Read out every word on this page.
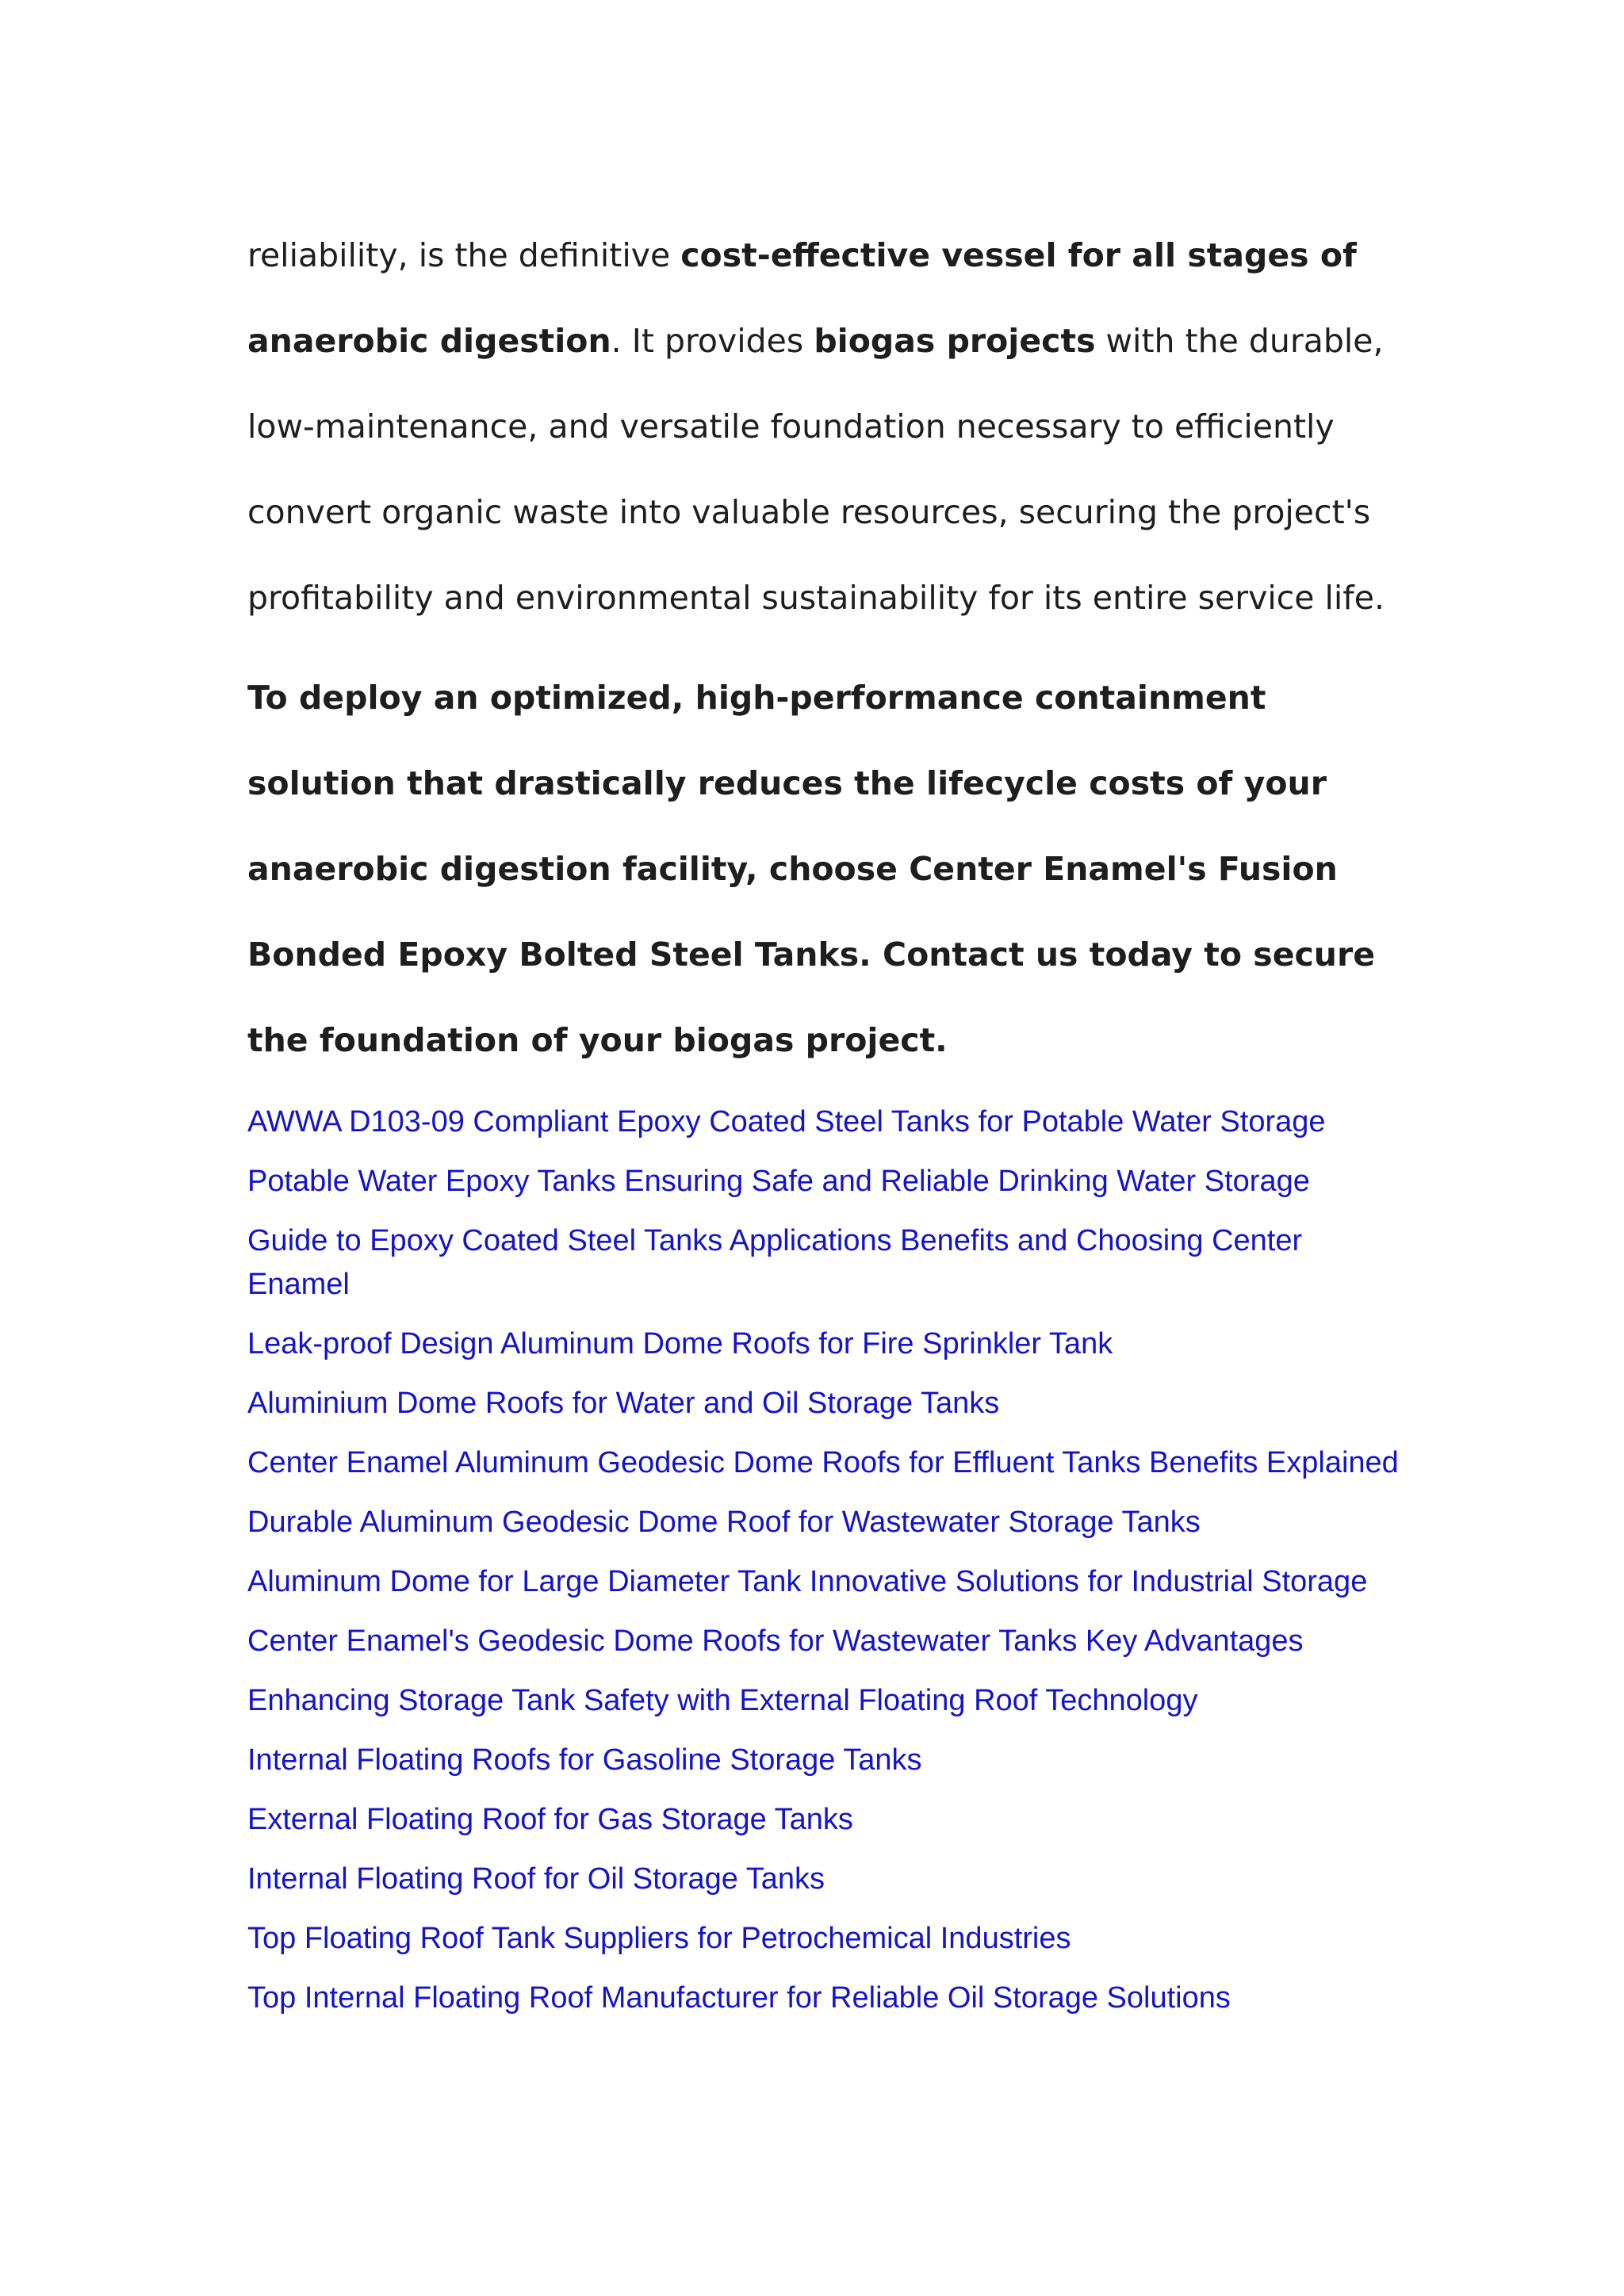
reliability, is the definitive cost-effective vessel for all stages of anaerobic digestion. It provides biogas projects with the durable, low-maintenance, and versatile foundation necessary to efficiently convert organic waste into valuable resources, securing the project's profitability and environmental sustainability for its entire service life.

To deploy an optimized, high-performance containment solution that drastically reduces the lifecycle costs of your anaerobic digestion facility, choose Center Enamel's Fusion Bonded Epoxy Bolted Steel Tanks. Contact us today to secure the foundation of your biogas project.

AWWA D103-09 Compliant Epoxy Coated Steel Tanks for Potable Water Storage
Potable Water Epoxy Tanks Ensuring Safe and Reliable Drinking Water Storage
Guide to Epoxy Coated Steel Tanks Applications Benefits and Choosing Center Enamel
Leak-proof Design Aluminum Dome Roofs for Fire Sprinkler Tank
Aluminium Dome Roofs for Water and Oil Storage Tanks
Center Enamel Aluminum Geodesic Dome Roofs for Effluent Tanks Benefits Explained
Durable Aluminum Geodesic Dome Roof for Wastewater Storage Tanks
Aluminum Dome for Large Diameter Tank Innovative Solutions for Industrial Storage
Center Enamel's Geodesic Dome Roofs for Wastewater Tanks Key Advantages
Enhancing Storage Tank Safety with External Floating Roof Technology
Internal Floating Roofs for Gasoline Storage Tanks
External Floating Roof for Gas Storage Tanks
Internal Floating Roof for Oil Storage Tanks
Top Floating Roof Tank Suppliers for Petrochemical Industries
Top Internal Floating Roof Manufacturer for Reliable Oil Storage Solutions
